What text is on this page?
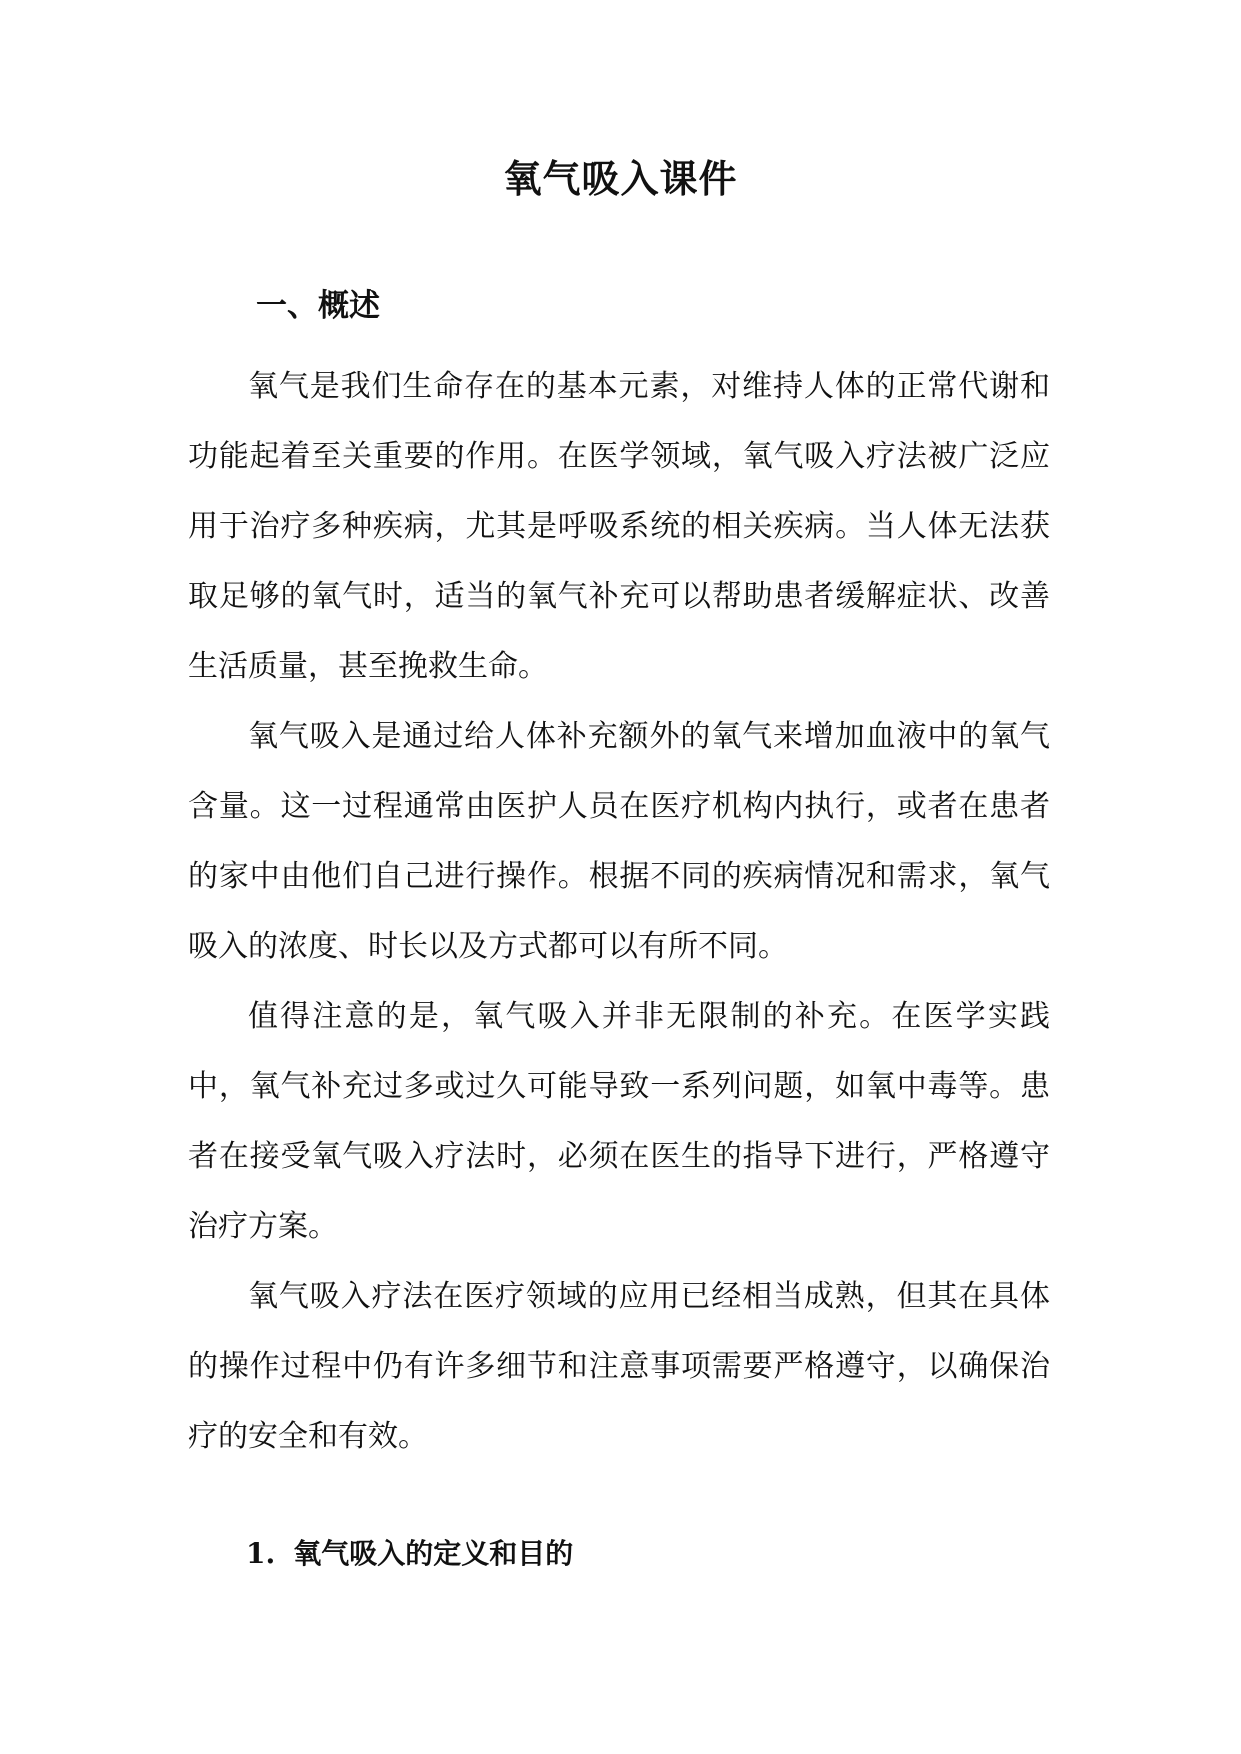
氧气吸入课件
一、概述

氧气是我们生命存在的基本元素，对维持人体的正常代谢和功能起着至关重要的作用。在医学领域，氧气吸入疗法被广泛应用于治疗多种疾病，尤其是呼吸系统的相关疾病。当人体无法获取足够的氧气时，适当的氧气补充可以帮助患者缓解症状、改善生活质量，甚至挽救生命。

氧气吸入是通过给人体补充额外的氧气来增加血液中的氧气含量。这一过程通常由医护人员在医疗机构内执行，或者在患者的家中由他们自己进行操作。根据不同的疾病情况和需求，氧气吸入的浓度、时长以及方式都可以有所不同。

值得注意的是，氧气吸入并非无限制的补充。在医学实践中，氧气补充过多或过久可能导致一系列问题，如氧中毒等。患者在接受氧气吸入疗法时，必须在医生的指导下进行，严格遵守治疗方案。

氧气吸入疗法在医疗领域的应用已经相当成熟，但其在具体的操作过程中仍有许多细节和注意事项需要严格遵守，以确保治疗的安全和有效。

1. 氧气吸入的定义和目的
